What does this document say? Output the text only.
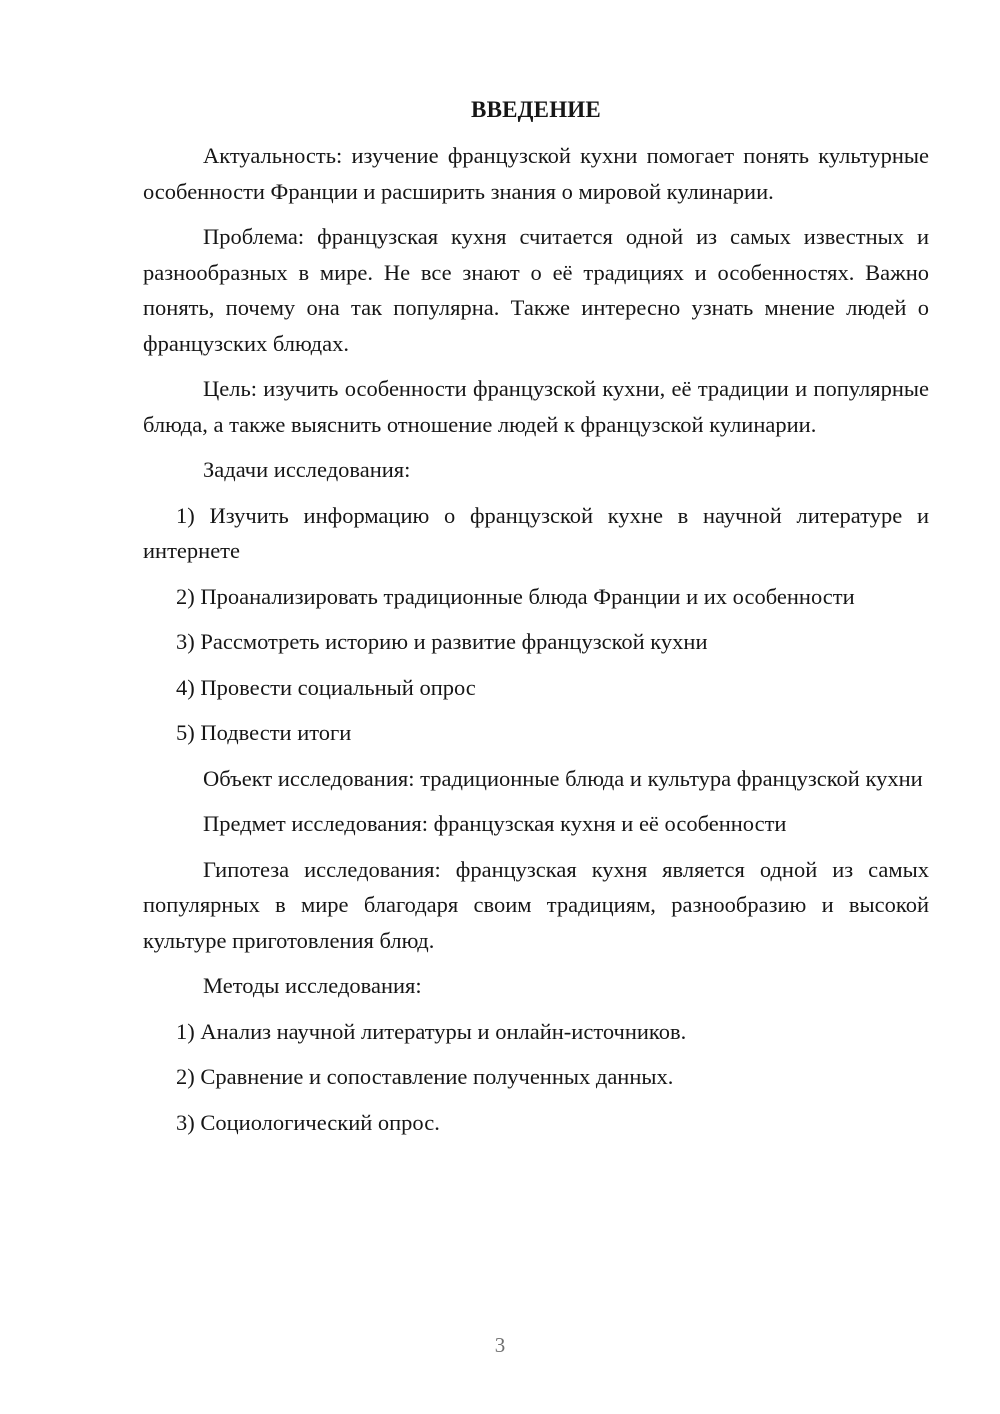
ВВЕДЕНИЕ

Актуальность: изучение французской кухни помогает понять культурные особенности Франции и расширить знания о мировой кулинарии.

Проблема: французская кухня считается одной из самых известных и разнообразных в мире. Не все знают о её традициях и особенностях. Важно понять, почему она так популярна. Также интересно узнать мнение людей о французских блюдах.

Цель: изучить особенности французской кухни, её традиции и популярные блюда, а также выяснить отношение людей к французской кулинарии.

Задачи исследования:

1) Изучить информацию о французской кухне в научной литературе и интернете

2) Проанализировать традиционные блюда Франции и их особенности

3) Рассмотреть историю и развитие французской кухни

4) Провести социальный опрос

5) Подвести итоги

Объект исследования: традиционные блюда и культура французской кухни

Предмет исследования: французская кухня и её особенности

Гипотеза исследования: французская кухня является одной из самых популярных в мире благодаря своим традициям, разнообразию и высокой культуре приготовления блюд.

Методы исследования:

1) Анализ научной литературы и онлайн-источников.

2) Сравнение и сопоставление полученных данных.

3) Социологический опрос.

3
